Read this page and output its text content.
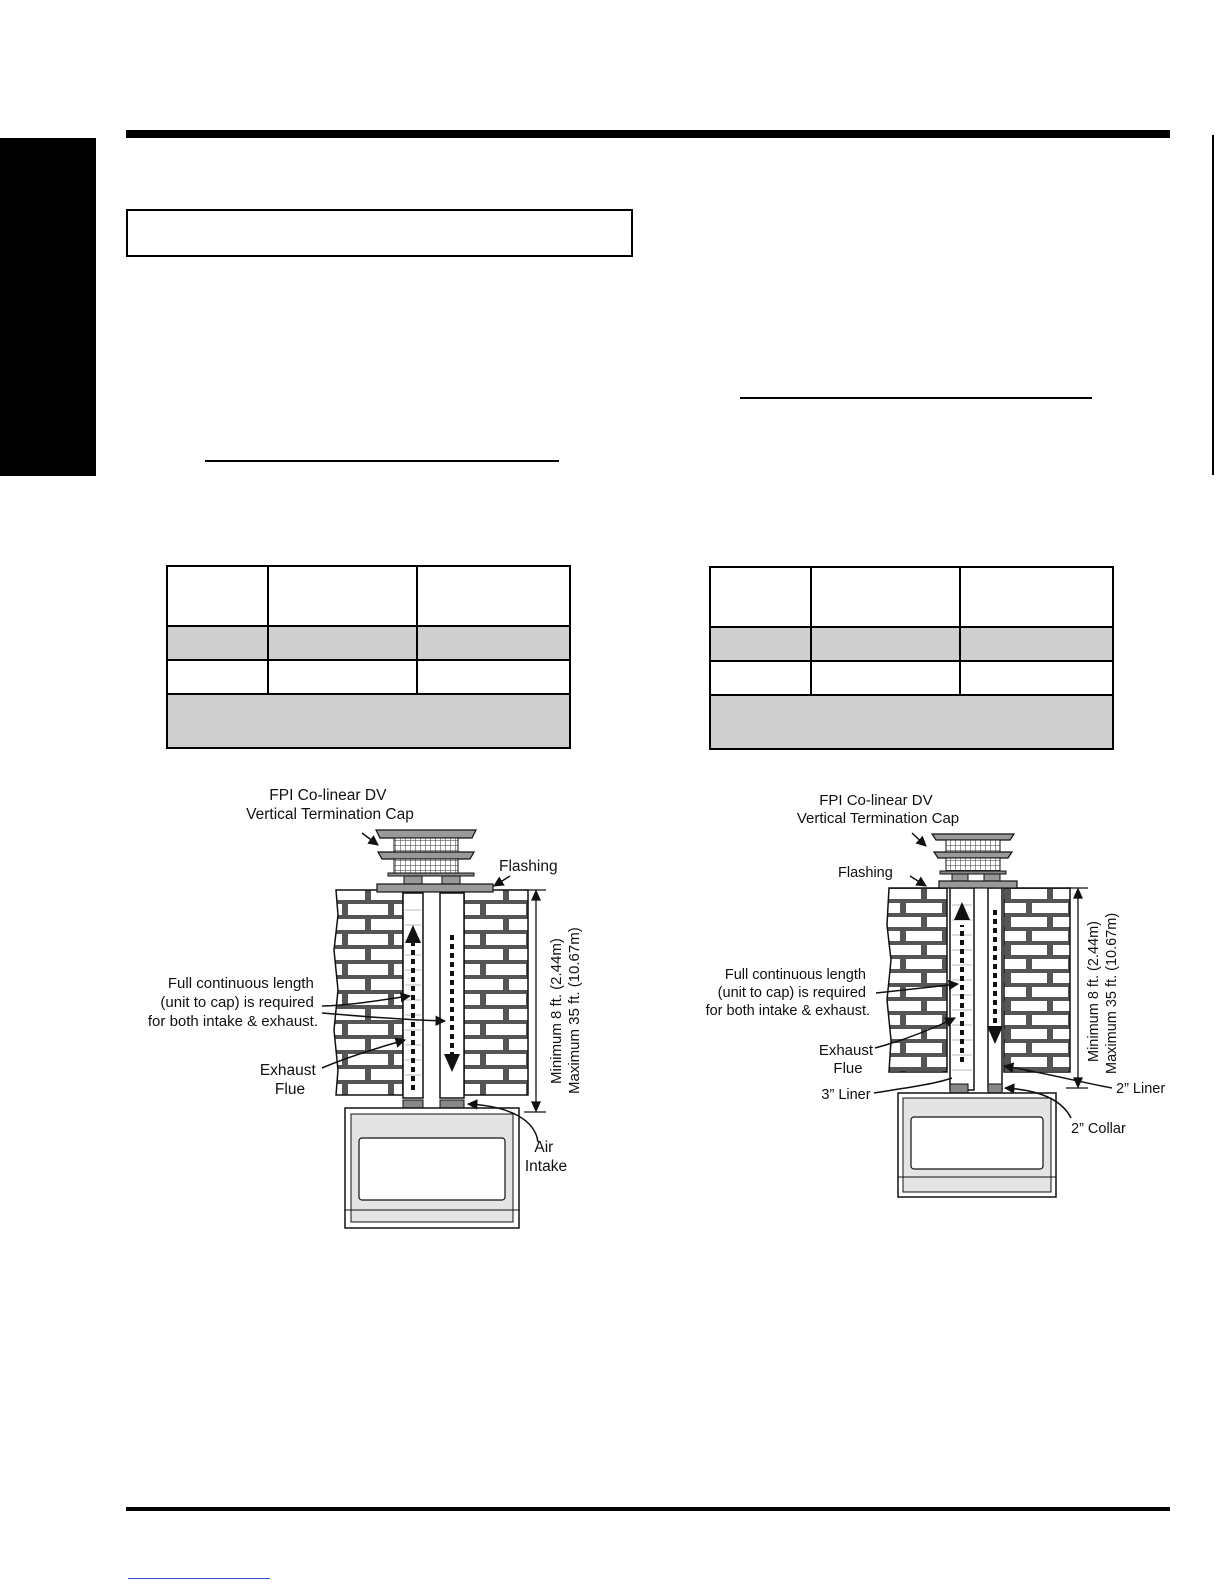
FPI Co-linear DV Vertical Termination Cap
Flashing
Full continuous length (unit to cap) is required for both intake & exhaust.
Exhaust Flue
Air Intake
Minimum 8 ft. (2.44m) Maximum 35 ft. (10.67m)
FPI Co-linear DV Vertical Termination Cap
Flashing
Full continuous length (unit to cap) is required for both intake & exhaust.
Exhaust Flue
3” Liner	2” Liner
2” Collar
Minimum 8 ft. (2.44m) Maximum 35 ft. (10.67m)
